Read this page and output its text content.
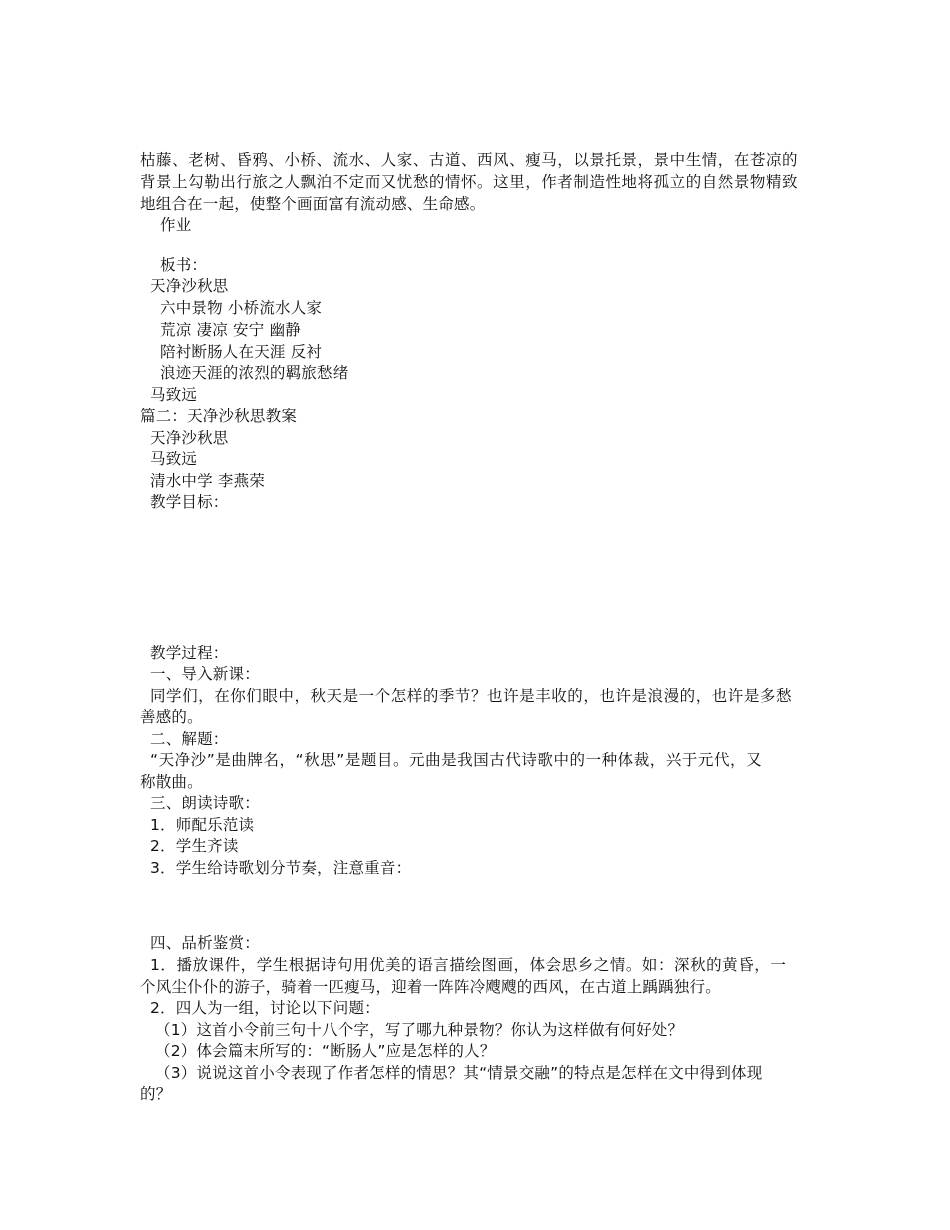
枯藤、老树、昏鸦、小桥、流水、人家、古道、西风、瘦马，以景托景，景中生情，在苍凉的
背景上勾勒出行旅之人飘泊不定而又忧愁的情怀。这里，作者制造性地将孤立的自然景物精致
地组合在一起，使整个画面富有流动感、生命感。
作业
板书：
天净沙秋思
六中景物 小桥流水人家
荒凉 凄凉 安宁 幽静
陪衬断肠人在天涯 反衬
浪迹天涯的浓烈的羁旅愁绪
马致远
篇二：天净沙秋思教案
天净沙秋思
马致远
清水中学 李燕荣
教学目标：
教学过程：
一、导入新课：
同学们，在你们眼中，秋天是一个怎样的季节？也许是丰收的，也许是浪漫的，也许是多愁
善感的。
二、解题：
“天净沙”是曲牌名，“秋思”是题目。元曲是我国古代诗歌中的一种体裁，兴于元代，又
称散曲。
三、朗读诗歌：
1．师配乐范读
2．学生齐读
3．学生给诗歌划分节奏，注意重音：
四、品析鉴赏：
1．播放课件，学生根据诗句用优美的语言描绘图画，体会思乡之情。如：深秋的黄昏，一
个风尘仆仆的游子，骑着一匹瘦马，迎着一阵阵冷飕飕的西风，在古道上踽踽独行。
2．四人为一组，讨论以下问题：
（1）这首小令前三句十八个字，写了哪九种景物？你认为这样做有何好处？
（2）体会篇末所写的：“断肠人”应是怎样的人？
（3）说说这首小令表现了作者怎样的情思？其“情景交融”的特点是怎样在文中得到体现
的？
